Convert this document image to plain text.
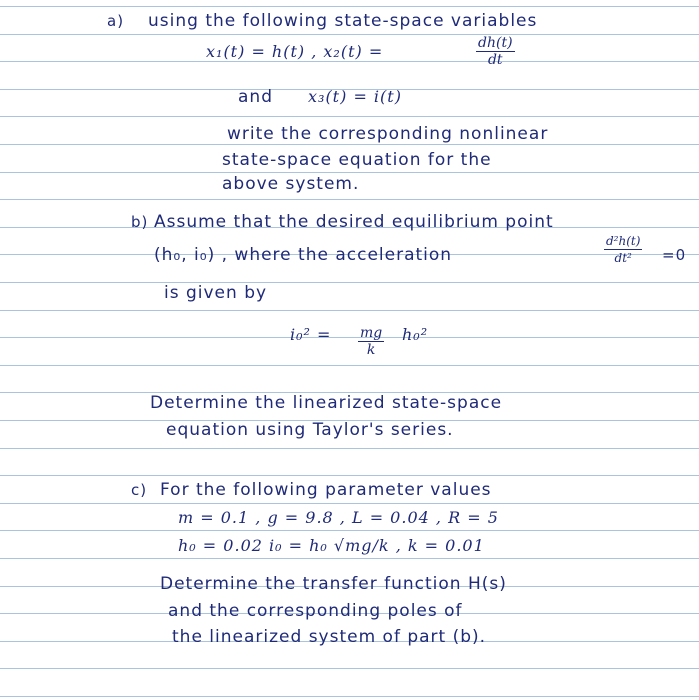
a) using the following state-space variables
x₁(t) = h(t) , x₂(t) =	$\frac{dh(t)}{dt}$
and x₃(t) = i(t)
write the corresponding nonlinear
state-space equation for the
above system.
b) Assume that the desired equilibrium point
(h₀, i₀) , where the acceleration	$\frac{\text{d²h(t)}}{\text{dt²}} =0$
is given by
$i_0^2 = \frac{mg}{k} h_0^2$
Determine the linearized state-space
equation using Taylor's series.
c) For the following parameter values
m = 0.1 , g = 9.8 , L = 0.04 , R = 5
h₀ = 0.02 i₀ = h₀ √mg/k , k = 0.01
Determine the transfer function H(s)
and the corresponding poles of
the linearized system of part (b).
